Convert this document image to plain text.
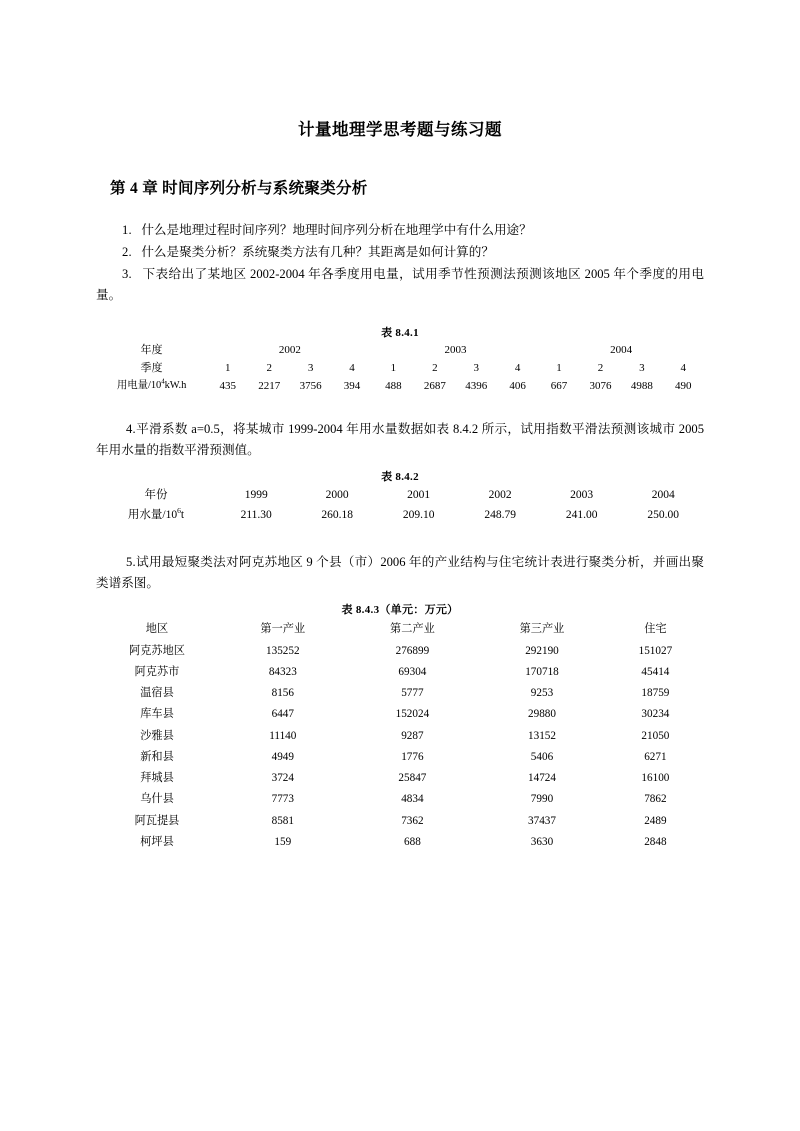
计量地理学思考题与练习题
第 4 章 时间序列分析与系统聚类分析
1. 什么是地理过程时间序列？地理时间序列分析在地理学中有什么用途？
2. 什么是聚类分析？系统聚类方法有几种？其距离是如何计算的？
3. 下表给出了某地区 2002-2004 年各季度用电量，试用季节性预测法预测该地区 2005 年个季度的用电量。
表 8.4.1
年度	2002				2003				2004			
季度	1	2	3	4	1	2	3	4	1	2	3	4
用电量$/10^4kW.h$	435	2217	3756	394	488	2687	4396	406	667	3076	4988	490
4.平滑系数 a=0.5，将某城市 1999-2004 年用水量数据如表 8.4.2 所示，试用指数平滑法预测该城市 2005 年用水量的指数平滑预测值。
表 8.4.2
年份	1999	2000	2001	2002	2003	2004
用水量$/10^6t$	211.30	260.18	209.10	248.79	241.00	250.00
5.试用最短聚类法对阿克苏地区 9 个县（市）2006 年的产业结构与住宅统计表进行聚类分析，并画出聚类谱系图。
表 8.4.3（单元：万元）
地区	第一产业	第二产业	第三产业	住宅
阿克苏地区	135252	276899	292190	151027
阿克苏市	84323	69304	170718	45414
温宿县	8156	5777	9253	18759
库车县	6447	152024	29880	30234
沙雅县	11140	9287	13152	21050
新和县	4949	1776	5406	6271
拜城县	3724	25847	14724	16100
乌什县	7773	4834	7990	7862
阿瓦提县	8581	7362	37437	2489
柯坪县	159	688	3630	2848
